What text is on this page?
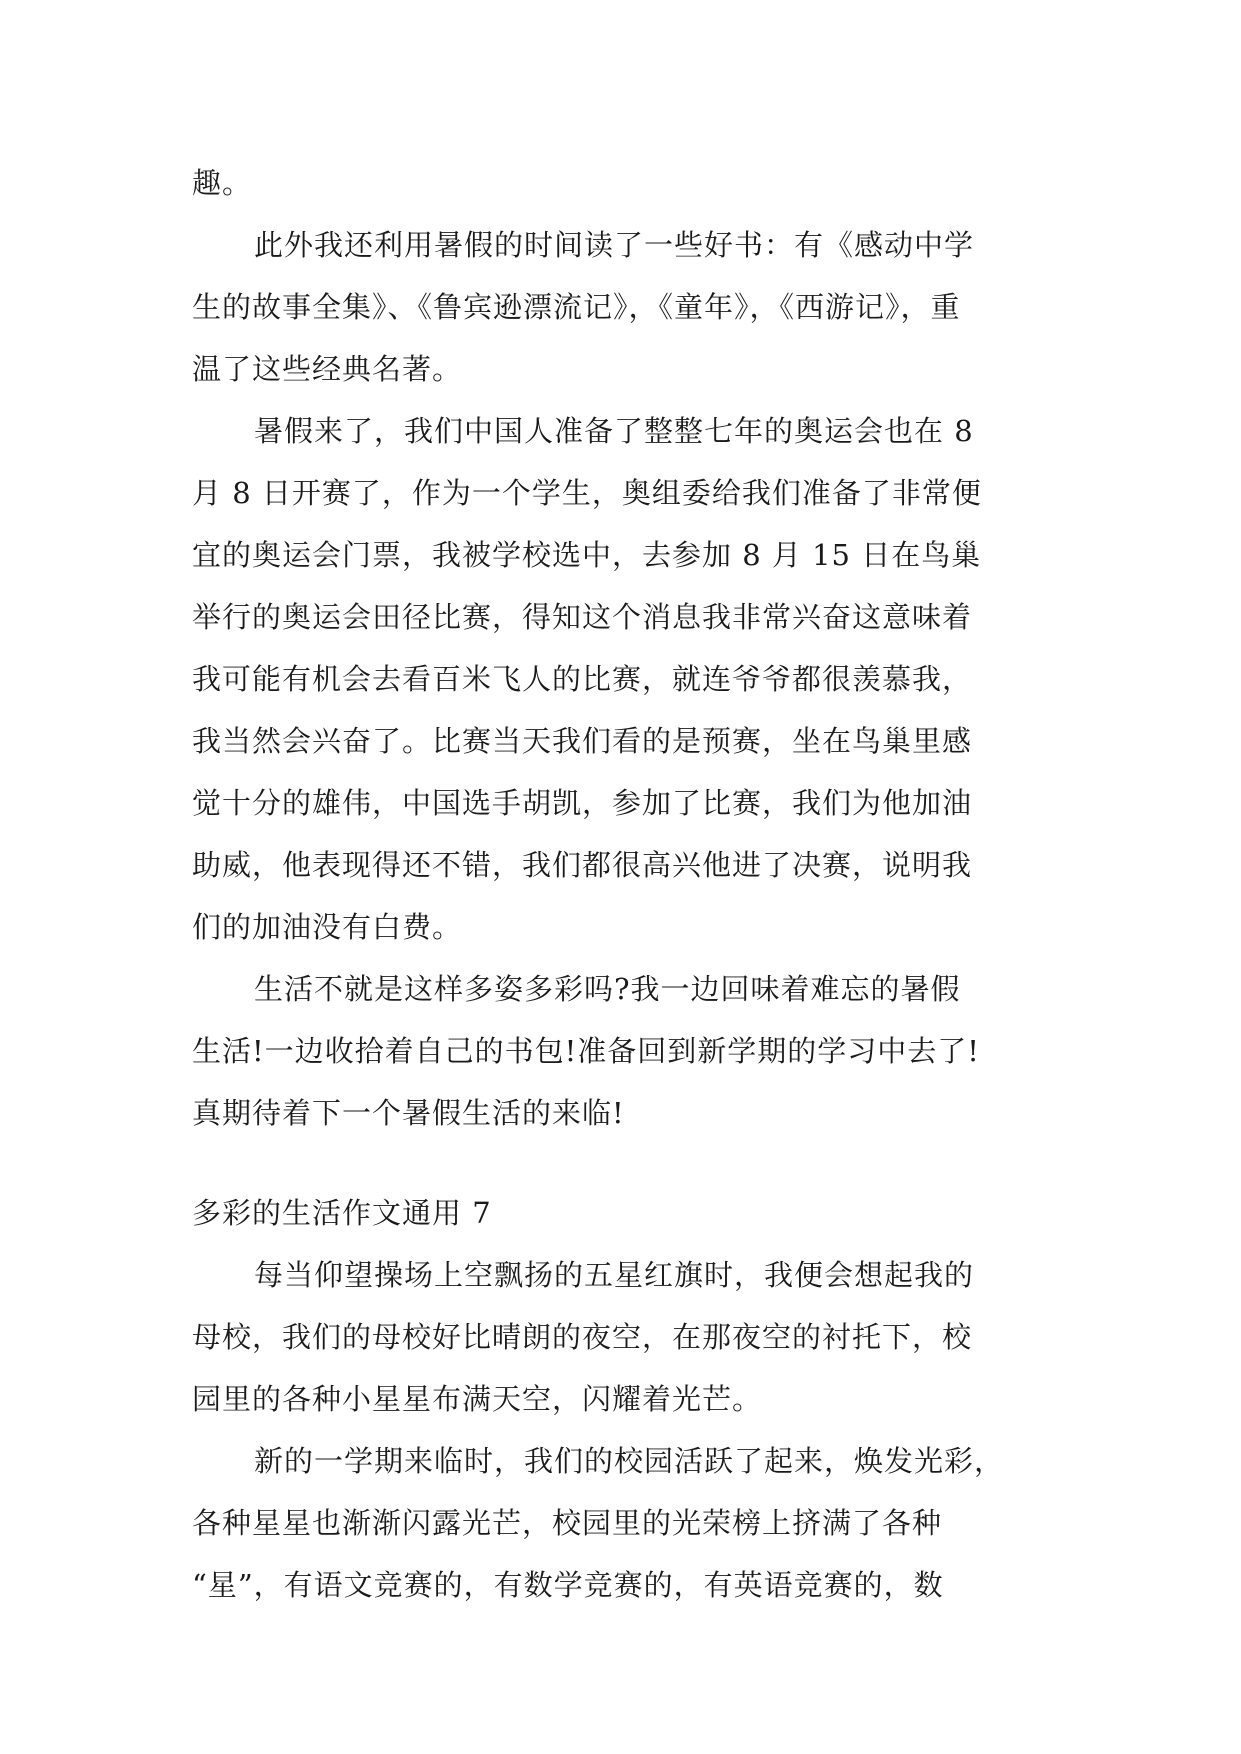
趣。
此外我还利用暑假的时间读了一些好书：有《感动中学
生的故事全集》、《鲁宾逊漂流记》，《童年》，《西游记》，重
温了这些经典名著。
暑假来了，我们中国人准备了整整七年的奥运会也在 8
月 8 日开赛了，作为一个学生，奥组委给我们准备了非常便
宜的奥运会门票，我被学校选中，去参加 8 月 15 日在鸟巢
举行的奥运会田径比赛，得知这个消息我非常兴奋这意味着
我可能有机会去看百米飞人的比赛，就连爷爷都很羡慕我，
我当然会兴奋了。比赛当天我们看的是预赛，坐在鸟巢里感
觉十分的雄伟，中国选手胡凯，参加了比赛，我们为他加油
助威，他表现得还不错，我们都很高兴他进了决赛，说明我
们的加油没有白费。
生活不就是这样多姿多彩吗?我一边回味着难忘的暑假
生活!一边收拾着自己的书包!准备回到新学期的学习中去了!
真期待着下一个暑假生活的来临!
多彩的生活作文通用 7
每当仰望操场上空飘扬的五星红旗时，我便会想起我的
母校，我们的母校好比晴朗的夜空，在那夜空的衬托下，校
园里的各种小星星布满天空，闪耀着光芒。
新的一学期来临时，我们的校园活跃了起来，焕发光彩，
各种星星也渐渐闪露光芒，校园里的光荣榜上挤满了各种
“星”，有语文竞赛的，有数学竞赛的，有英语竞赛的，数
